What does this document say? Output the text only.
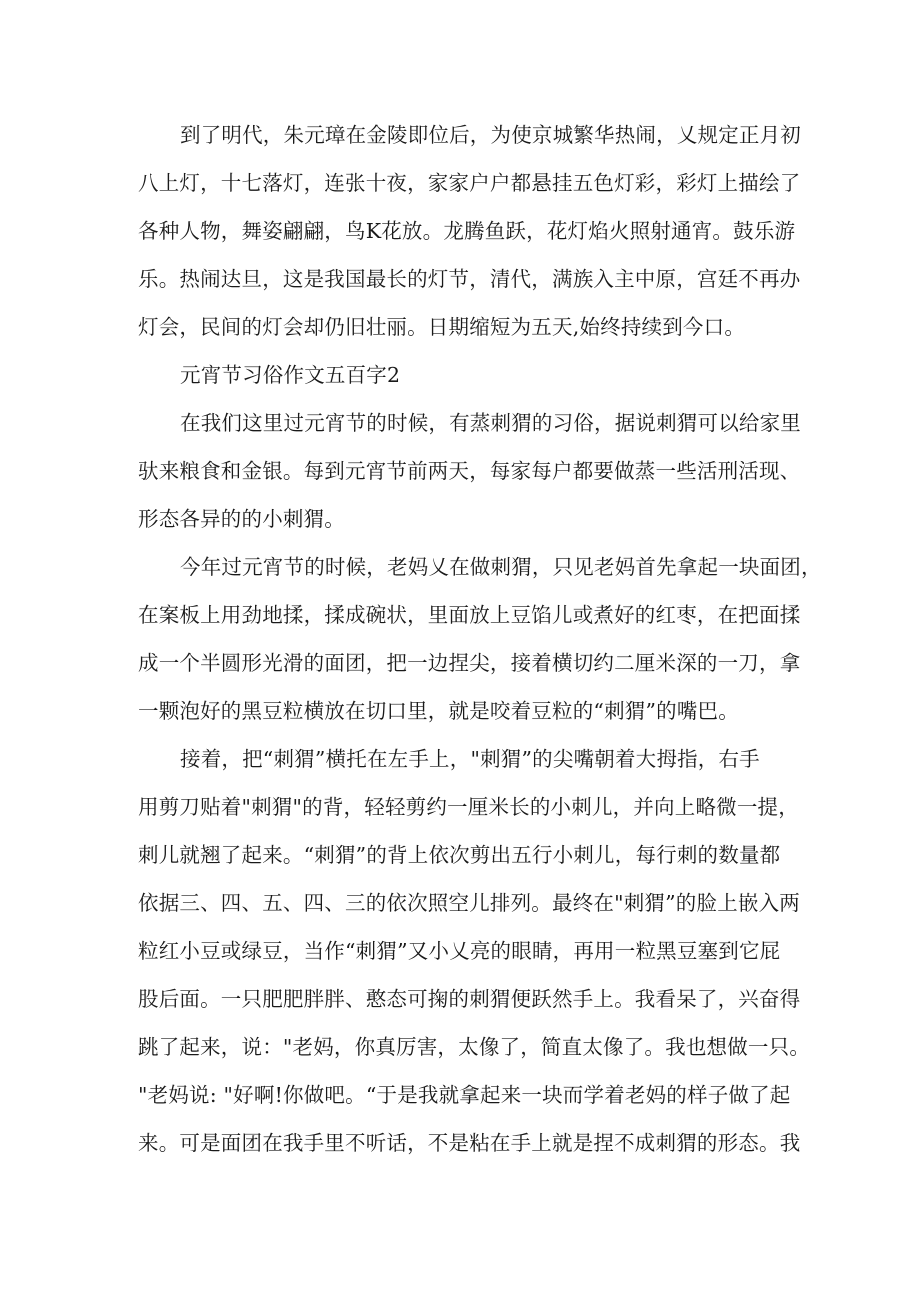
到了明代，朱元璋在金陵即位后，为使京城繁华热闹，乂规定正月初
八上灯，十七落灯，连张十夜，家家户户都悬挂五色灯彩，彩灯上描绘了
各种人物，舞姿翩翩，鸟K花放。龙腾鱼跃，花灯焰火照射通宵。鼓乐游
乐。热闹达旦，这是我国最长的灯节，清代，满族入主中原，宫廷不再办
灯会，民间的灯会却仍旧壮丽。日期缩短为五天,始终持续到今口。
元宵节习俗作文五百字2
在我们这里过元宵节的时候，有蒸刺猬的习俗，据说刺猬可以给家里
驮来粮食和金银。每到元宵节前两天，每家每户都要做蒸一些活刑活现、
形态各异的的小刺猬。
今年过元宵节的时候，老妈乂在做刺猬，只见老妈首先拿起一块面团，
在案板上用劲地揉，揉成碗状，里面放上豆馅儿或煮好的红枣，在把面揉
成一个半圆形光滑的面团，把一边捏尖，接着横切约二厘米深的一刀，拿
一颗泡好的黑豆粒横放在切口里，就是咬着豆粒的“刺猬”的嘴巴。
接着，把“刺猬”横托在左手上，"刺猬”的尖嘴朝着大拇指，右手
用剪刀贴着"刺猬"的背，轻轻剪约一厘米长的小刺儿，并向上略微一提，
刺儿就翘了起来。“刺猬”的背上依次剪出五行小刺儿，每行刺的数量都
依据三、四、五、四、三的依次照空儿排列。最终在"刺猬”的脸上嵌入两
粒红小豆或绿豆，当作“刺猬”又小乂亮的眼睛，再用一粒黑豆塞到它屁
股后面。一只肥肥胖胖、憨态可掬的刺猬便跃然手上。我看呆了，兴奋得
跳了起来，说："老妈，你真厉害，太像了，简直太像了。我也想做一只。
"老妈说: "好啊!你做吧。“于是我就拿起来一块而学着老妈的样子做了起
来。可是面团在我手里不听话，不是粘在手上就是捏不成刺猬的形态。我
